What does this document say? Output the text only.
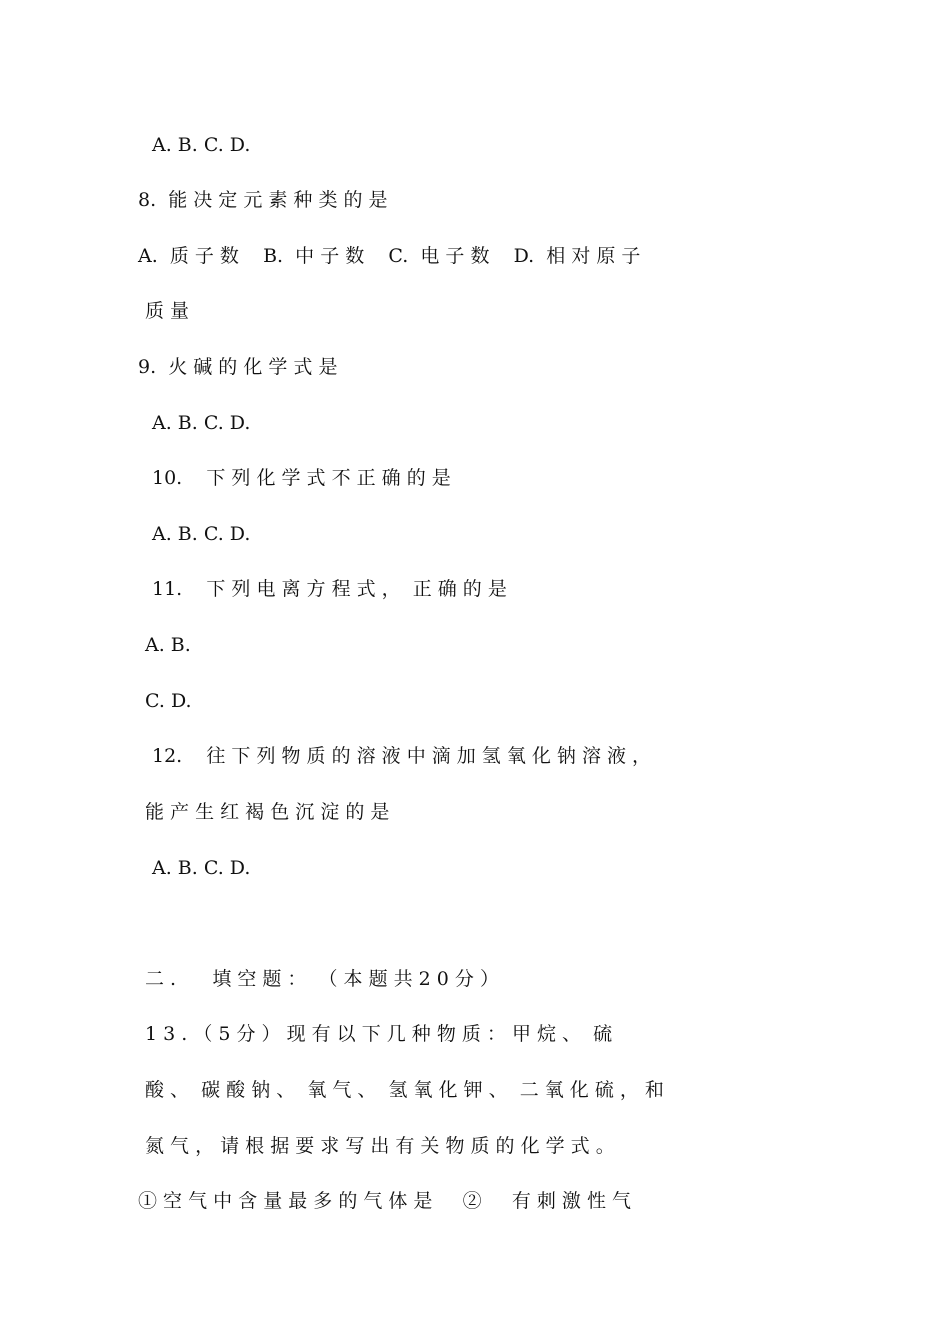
A. B. C. D.
8.  能 决 定 元 素 种 类 的 是
A.  质 子 数    B.  中 子 数    C.  电 子 数    D.  相 对 原 子
质 量
9.  火 碱 的 化 学 式 是
A. B. C. D.
10.    下 列 化 学 式 不 正 确 的 是
A. B. C. D.
11.    下 列 电 离 方 程 式 ，  正 确 的 是
A. B.
C. D.
12.    往 下 列 物 质 的 溶 液 中 滴 加 氢 氧 化 钠 溶 液 ，
能 产 生 红 褐 色 沉 淀 的 是
A. B. C. D.
二 .      填 空 题 ：  （ 本 题 共 2 0 分 ）
1 3 . （ 5 分 ） 现 有 以 下 几 种 物 质 ： 甲 烷 、  硫
酸 、  碳 酸 钠 、  氧 气 、  氢 氧 化 钾 、  二 氧 化 硫 ， 和
氮 气 ， 请 根 据 要 求 写 出 有 关 物 质 的 化 学 式 。
① 空 气 中 含 量 最 多 的 气 体 是     ②     有 刺 激 性 气
